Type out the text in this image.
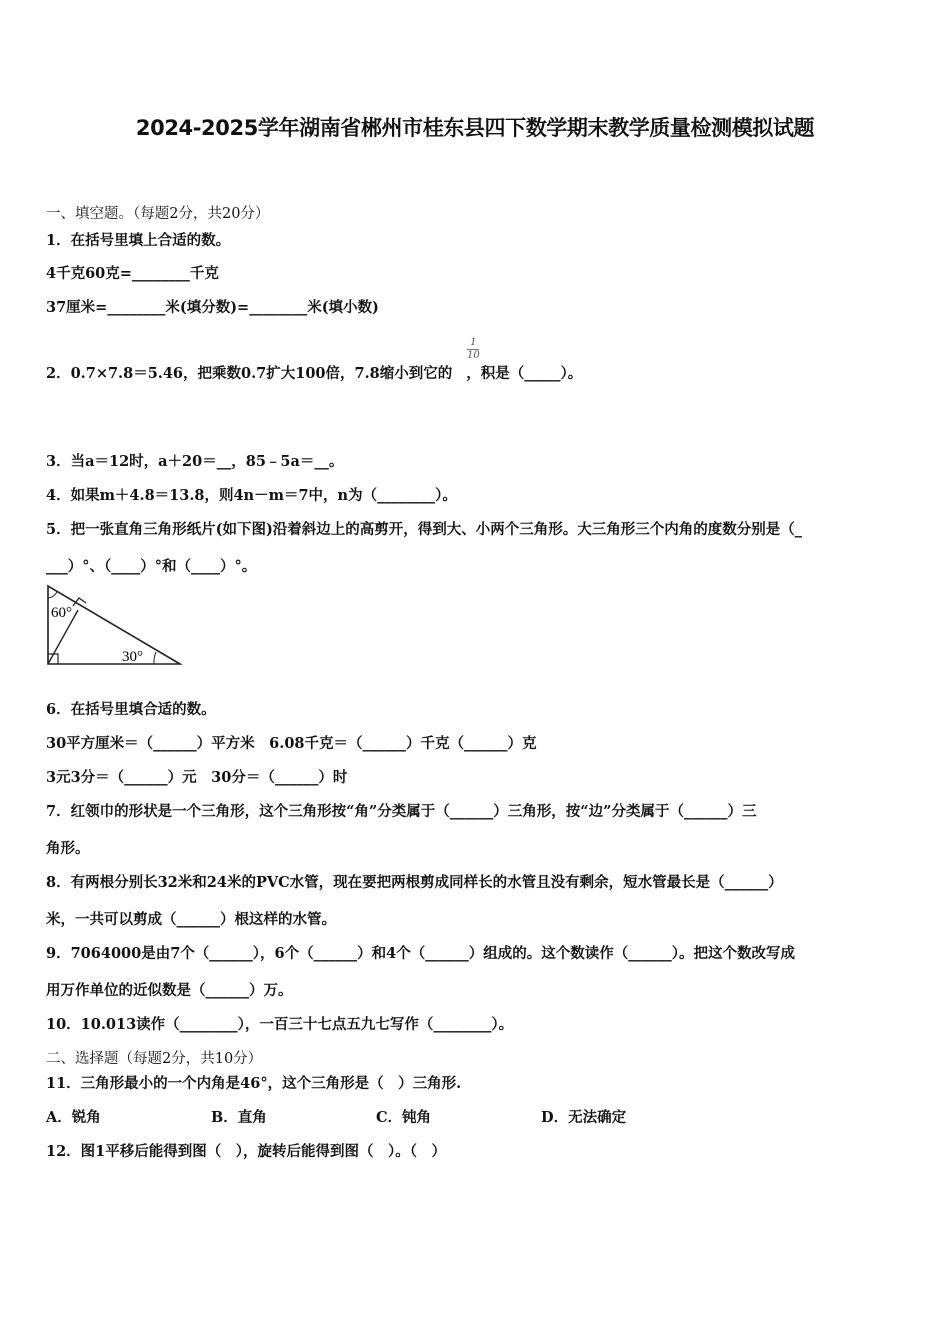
2024-2025学年湖南省郴州市桂东县四下数学期末教学质量检测模拟试题
一、填空题。（每题2分，共20分）
1．在括号里填上合适的数。
4千克60克=________千克
37厘米=________米(填分数)=________米(填小数)
2．0.7×7.8＝5.46，把乘数0.7扩大100倍，7.8缩小到它的 ，积是（_____）。
1
10
3．当a＝12时，a＋20＝__，85﹣5a＝__。
4．如果m＋4.8＝13.8，则4n－m＝7中，n为（________）。
5．把一张直角三角形纸片(如下图)沿着斜边上的高剪开，得到大、小两个三角形。大三角形三个内角的度数分别是（_
___）°、（____）°和（____）°。
60°
30°
6．在括号里填合适的数。
30平方厘米＝（______）平方米　6.08千克＝（______）千克（______）克
3元3分＝（______）元　30分＝（______）时
7．红领巾的形状是一个三角形，这个三角形按“角”分类属于（______）三角形，按“边”分类属于（______）三
角形。
8．有两根分别长32米和24米的PVC水管，现在要把两根剪成同样长的水管且没有剩余，短水管最长是（______）
米，一共可以剪成（______）根这样的水管。
9．7064000是由7个（______），6个（______）和4个（______）组成的。这个数读作（______）。把这个数改写成
用万作单位的近似数是（______）万。
10．10.013读作（________），一百三十七点五九七写作（________）。
二、选择题（每题2分，共10分）
11．三角形最小的一个内角是46°，这个三角形是（　）三角形.
A．锐角	B．直角	C．钝角	D．无法确定
12．图1平移后能得到图（　），旋转后能得到图（　）。（　）
